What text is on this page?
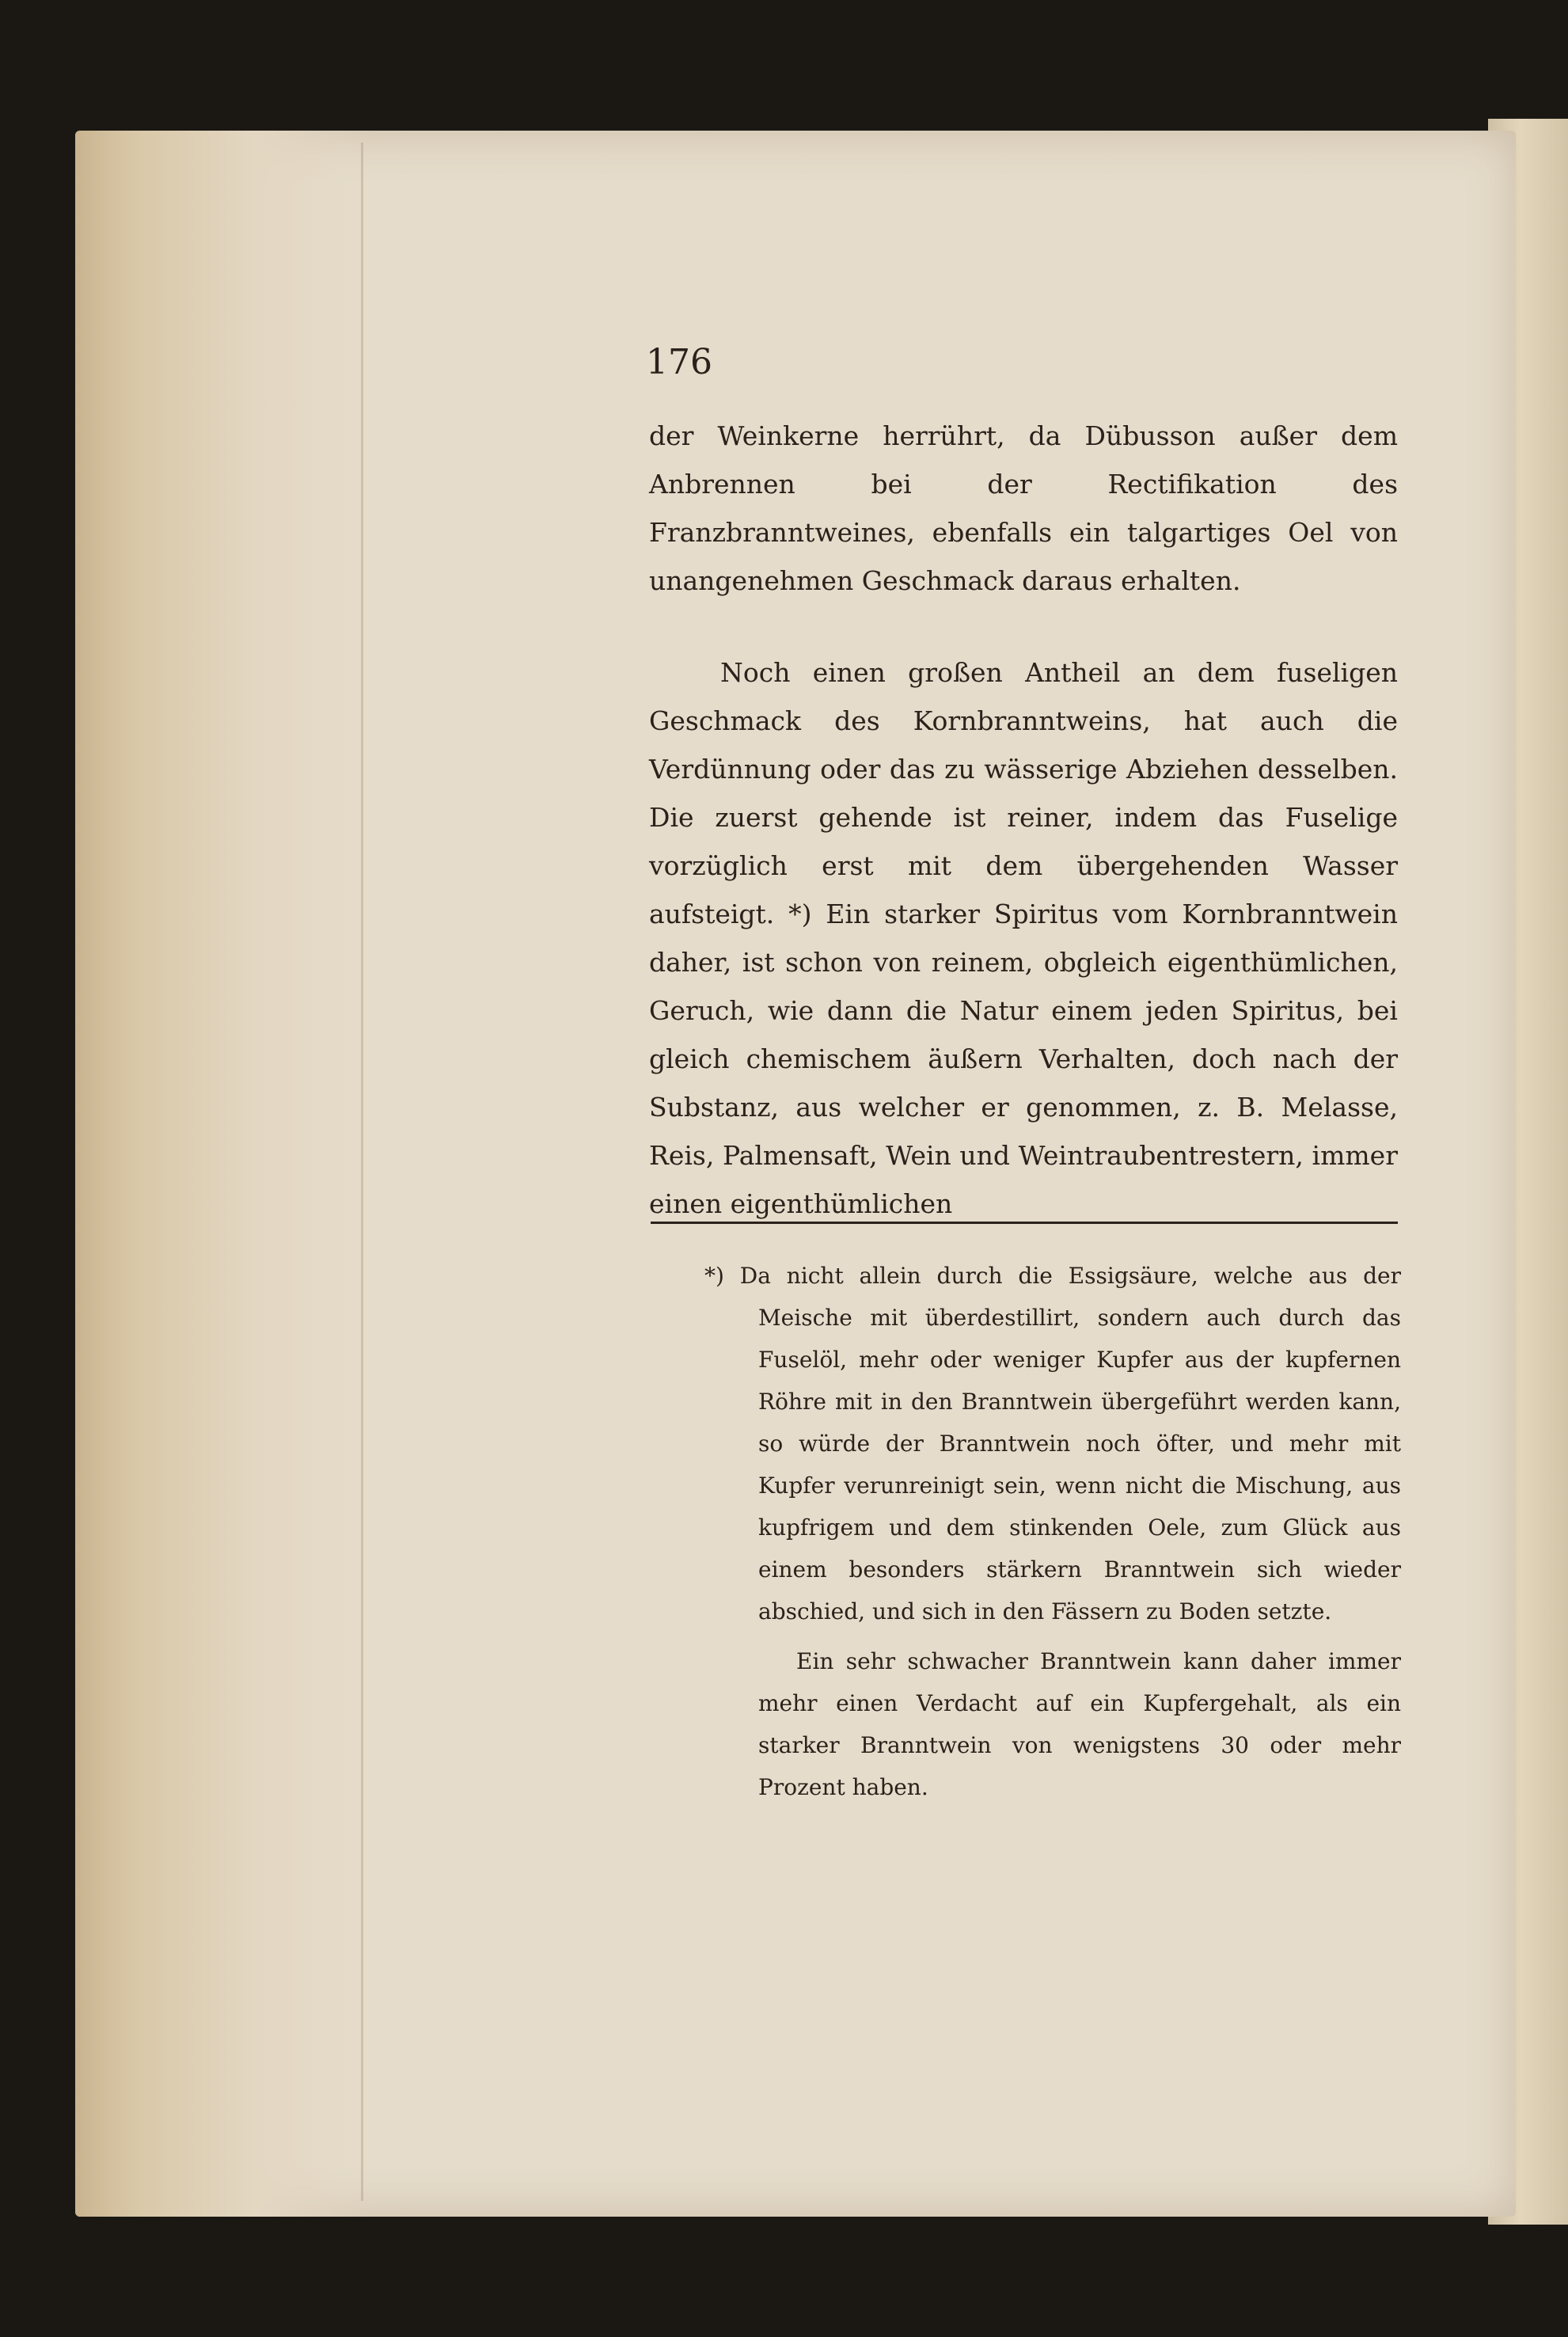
176

der Weinkerne herrührt, da Dübusson außer dem Anbrennen bei der Rectifikation des Franzbranntweines, ebenfalls ein talgartiges Oel von unangenehmen Geschmack daraus erhalten.

Noch einen großen Antheil an dem fuseligen Geschmack des Kornbranntweins, hat auch die Verdünnung oder das zu wässerige Abziehen desselben. Die zuerst gehende ist reiner, indem das Fuselige vorzüglich erst mit dem übergehenden Wasser aufsteigt. *) Ein starker Spiritus vom Kornbranntwein daher, ist schon von reinem, obgleich eigenthümlichen, Geruch, wie dann die Natur einem jeden Spiritus, bei gleich chemischem äußern Verhalten, doch nach der Substanz, aus welcher er genommen, z. B. Melasse, Reis, Palmensaft, Wein und Weintraubentrestern, immer einen eigenthümlichen

*) Da nicht allein durch die Essigsäure, welche aus der Meische mit überdestillirt, sondern auch durch das Fuselöl, mehr oder weniger Kupfer aus der kupfernen Röhre mit in den Branntwein übergeführt werden kann, so würde der Branntwein noch öfter, und mehr mit Kupfer verunreinigt sein, wenn nicht die Mischung, aus kupfrigem und dem stinkenden Oele, zum Glück aus einem besonders stärkern Branntwein sich wieder abschied, und sich in den Fässern zu Boden setzte.

Ein sehr schwacher Branntwein kann daher immer mehr einen Verdacht auf ein Kupfergehalt, als ein starker Branntwein von wenigstens 30 oder mehr Prozent haben.
